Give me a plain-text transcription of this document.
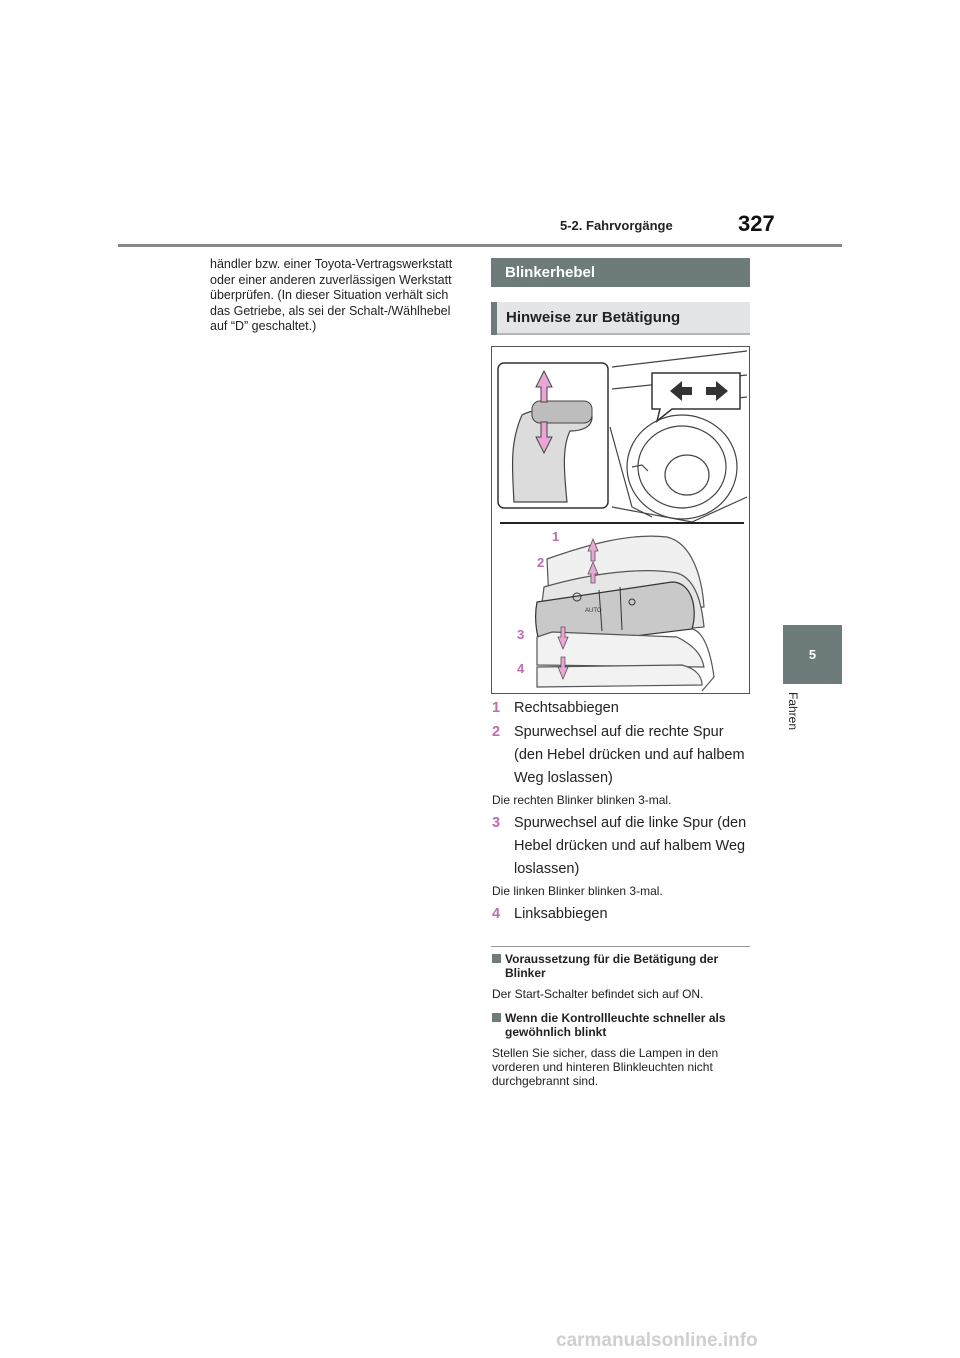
5-2. Fahrvorgänge	327
5
Fahren
händler bzw. einer Toyota-Vertragswerkstatt oder einer anderen zuverlässigen Werkstatt überprüfen. (In dieser Situation verhält sich das Getriebe, als sei der Schalt-/Wählhebel auf “D” geschaltet.)
Blinkerhebel
Hinweise zur Betätigung
AUTO
1
2
3
4
1 Rechtsabbiegen
2 Spurwechsel auf die rechte Spur (den Hebel drücken und auf halbem Weg loslassen)
Die rechten Blinker blinken 3-mal.
3 Spurwechsel auf die linke Spur (den Hebel drücken und auf halbem Weg loslassen)
Die linken Blinker blinken 3-mal.
4 Linksabbiegen
Voraussetzung für die Betätigung der Blinker
Der Start-Schalter befindet sich auf ON.
Wenn die Kontrollleuchte schneller als gewöhnlich blinkt
Stellen Sie sicher, dass die Lampen in den vorderen und hinteren Blinkleuchten nicht durchgebrannt sind.
carmanualsonline.info
